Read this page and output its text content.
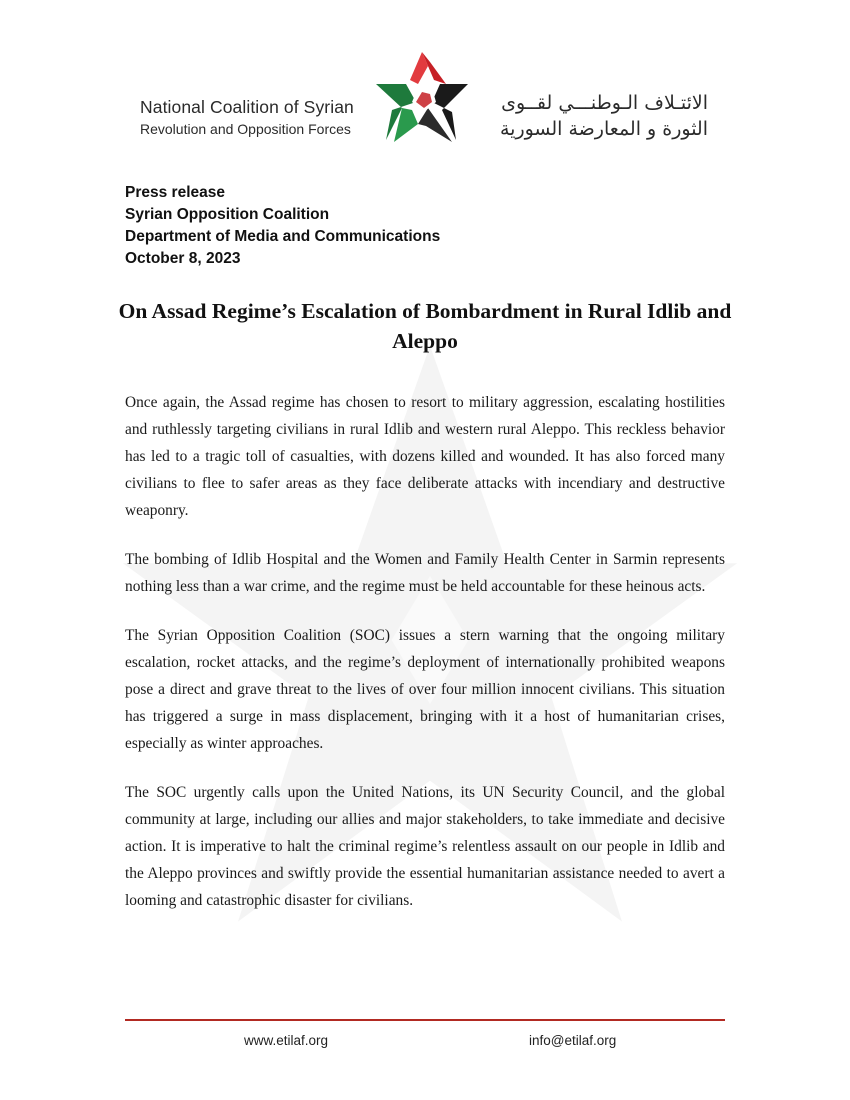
National Coalition of Syrian
Revolution and Opposition Forces
الائتـلاف الـوطنـــي لقــوى
الثورة و المعارضة السورية
Press release
Syrian Opposition Coalition
Department of Media and Communications
October 8, 2023
On Assad Regime’s Escalation of Bombardment in Rural Idlib and Aleppo

Once again, the Assad regime has chosen to resort to military aggression, escalating hostilities and ruthlessly targeting civilians in rural Idlib and western rural Aleppo. This reckless behavior has led to a tragic toll of casualties, with dozens killed and wounded. It has also forced many civilians to flee to safer areas as they face deliberate attacks with incendiary and destructive weaponry.

The bombing of Idlib Hospital and the Women and Family Health Center in Sarmin represents nothing less than a war crime, and the regime must be held accountable for these heinous acts.

The Syrian Opposition Coalition (SOC) issues a stern warning that the ongoing military escalation, rocket attacks, and the regime’s deployment of internationally prohibited weapons pose a direct and grave threat to the lives of over four million innocent civilians. This situation has triggered a surge in mass displacement, bringing with it a host of humanitarian crises, especially as winter approaches.

The SOC urgently calls upon the United Nations, its UN Security Council, and the global community at large, including our allies and major stakeholders, to take immediate and decisive action. It is imperative to halt the criminal regime’s relentless assault on our people in Idlib and the Aleppo provinces and swiftly provide the essential humanitarian assistance needed to avert a looming and catastrophic disaster for civilians.

www.etilaf.org	info@etilaf.org
